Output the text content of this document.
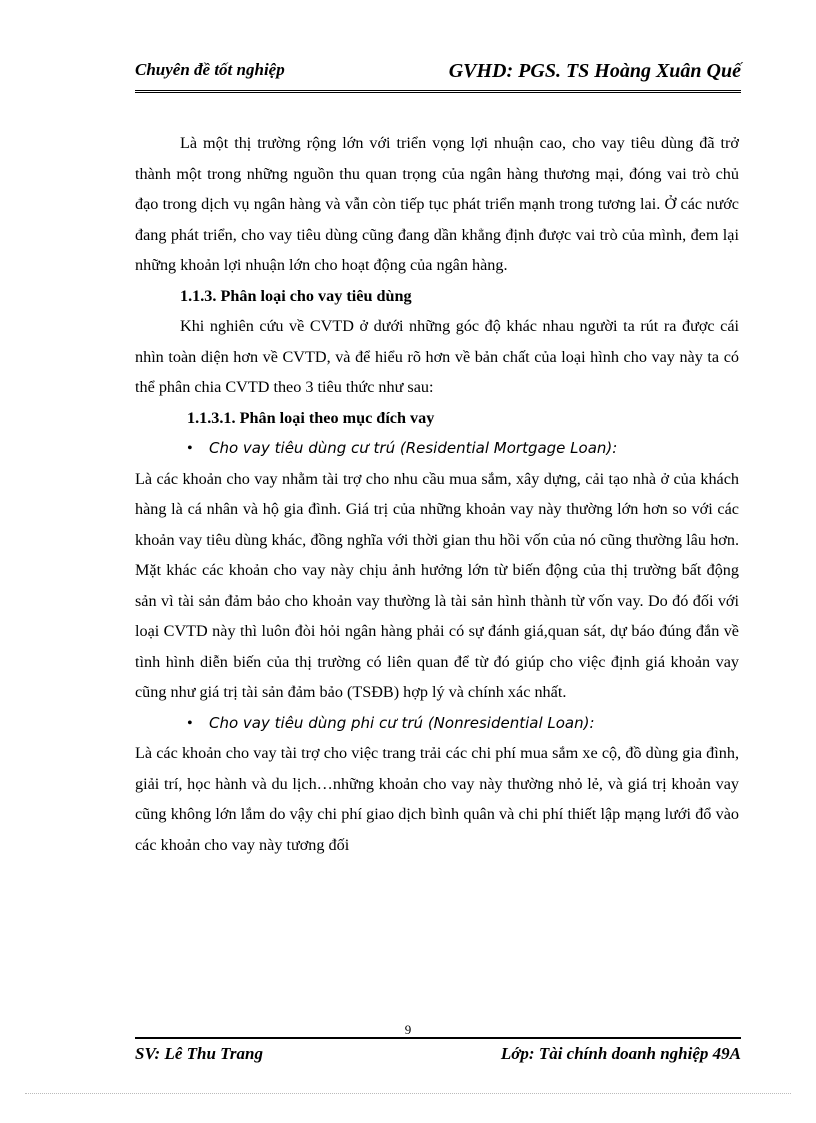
Chuyên đề tốt nghiệp	GVHD: PGS. TS Hoàng Xuân Quế

Là một thị trường rộng lớn với triển vọng lợi nhuận cao, cho vay tiêu dùng đã trở thành một trong những nguồn thu quan trọng của ngân hàng thương mại, đóng vai trò chủ đạo trong dịch vụ ngân hàng và vẫn còn tiếp tục phát triển mạnh trong tương lai. Ở các nước đang phát triển, cho vay tiêu dùng cũng đang dần khẳng định được vai trò của mình, đem lại những khoản lợi nhuận lớn cho hoạt động của ngân hàng.

1.1.3. Phân loại cho vay tiêu dùng

Khi nghiên cứu về CVTD ở dưới những góc độ khác nhau người ta rút ra được cái nhìn toàn diện hơn về CVTD, và để hiểu rõ hơn về bản chất của loại hình cho vay này ta có thể phân chia CVTD theo 3 tiêu thức như sau:

1.1.3.1. Phân loại theo mục đích vay

• Cho vay tiêu dùng cư trú (Residential Mortgage Loan):

Là các khoản cho vay nhằm tài trợ cho nhu cầu mua sắm, xây dựng, cải tạo nhà ở của khách hàng là cá nhân và hộ gia đình. Giá trị của những khoản vay này thường lớn hơn so với các khoản vay tiêu dùng khác, đồng nghĩa với thời gian thu hồi vốn của nó cũng thường lâu hơn. Mặt khác các khoản cho vay này chịu ảnh hưởng lớn từ biến động của thị trường bất động sản vì tài sản đảm bảo cho khoản vay thường là tài sản hình thành từ vốn vay. Do đó đối với loại CVTD này thì luôn đòi hỏi ngân hàng phải có sự đánh giá,quan sát, dự báo đúng đắn về tình hình diễn biến của thị trường có liên quan để từ đó giúp cho việc định giá khoản vay cũng như giá trị tài sản đảm bảo (TSĐB) hợp lý và chính xác nhất.

• Cho vay tiêu dùng phi cư trú (Nonresidential Loan):

Là các khoản cho vay tài trợ cho việc trang trải các chi phí mua sắm xe cộ, đồ dùng gia đình, giải trí, học hành và du lịch…những khoản cho vay này thường nhỏ lẻ, và giá trị khoản vay cũng không lớn lắm do vậy chi phí giao dịch bình quân và chi phí thiết lập mạng lưới đổ vào các khoản cho vay này tương đối

9
SV: Lê Thu Trang	Lớp: Tài chính doanh nghiệp 49A
